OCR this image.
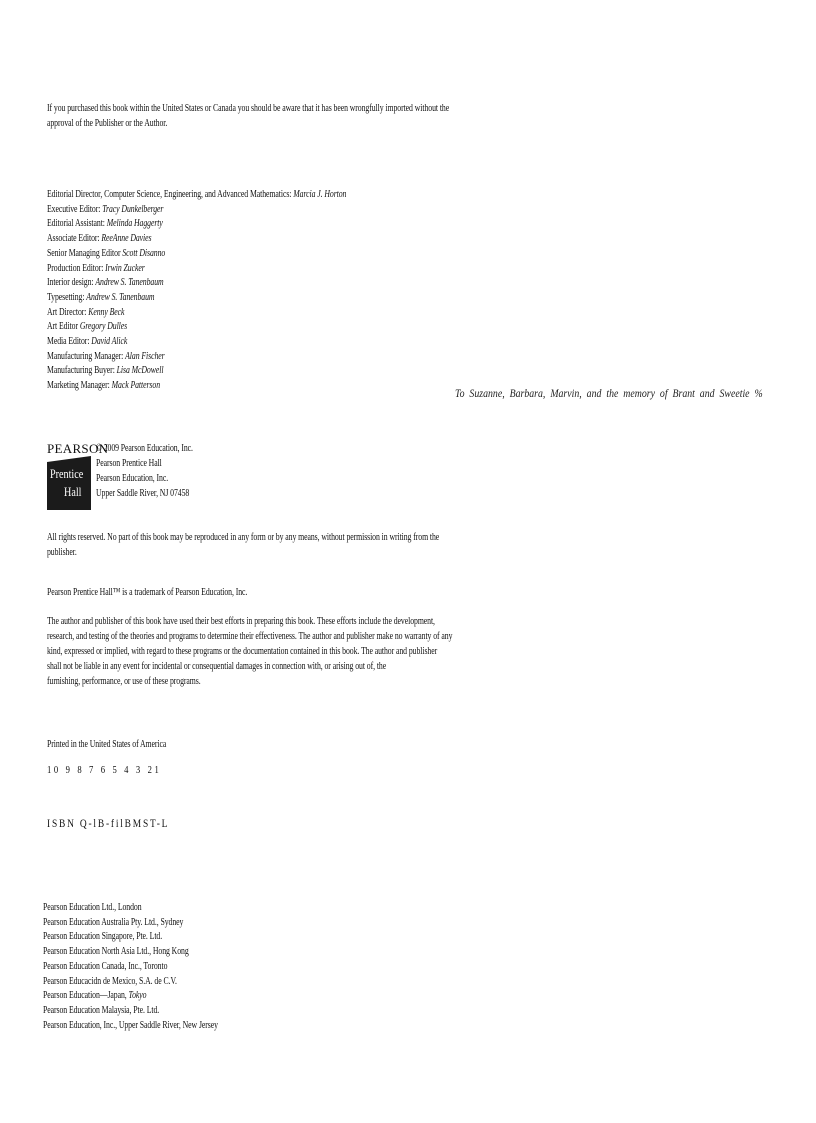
If you purchased this book within the United States or Canada you should be aware that it has been wrongfully imported without the
approval of the Publisher or the Author.
Editorial Director, Computer Science, Engineering, and Advanced Mathematics: Marcia J. Horton
Executive Editor: Tracy Dunkelberger
Editorial Assistant: Melinda Haggerty
Associate Editor: ReeAnne Davies
Senior Managing Editor Scott Disanno
Production Editor: Irwin Zucker
Interior design: Andrew S. Tanenbaum
Typesetting: Andrew S. Tanenbaum
Art Director: Kenny Beck
Art Editor Gregory Dulles
Media Editor: David Alick
Manufacturing Manager: Alan Fischer
Manufacturing Buyer: Lisa McDowell
Marketing Manager: Mack Patterson
To Suzanne, Barbara, Marvin, and the memory of Brant and Sweetie %
PEARSON
Prentice
Hall
© 2009 Pearson Education, Inc.
Pearson Prentice Hall
Pearson Education, Inc.
Upper Saddle River, NJ 07458
All rights reserved. No part of this book may be reproduced in any form or by any means, without permission in writing from the
publisher.
Pearson Prentice Hall™ is a trademark of Pearson Education, Inc.
The author and publisher of this book have used their best efforts in preparing this book. These efforts include the development,
research, and testing of the theories and programs to determine their effectiveness. The author and publisher make no warranty of any
kind, expressed or implied, with regard to these programs or the documentation contained in this book. The author and publisher
shall not be liable in any event for incidental or consequential damages in connection with, or arising out of, the
furnishing, performance, or use of these programs.
Printed in the United States of America
10 9 8 7 6 5 4 3 21
ISBN Q-lB-filBMST-L
Pearson Education Ltd., London
Pearson Education Australia Pty. Ltd., Sydney
Pearson Education Singapore, Pte. Ltd.
Pearson Education North Asia Ltd., Hong Kong
Pearson Education Canada, Inc., Toronto
Pearson Educacidn de Mexico, S.A. de C.V.
Pearson Education—Japan, Tokyo
Pearson Education Malaysia, Pte. Ltd.
Pearson Education, Inc., Upper Saddle River, New Jersey
